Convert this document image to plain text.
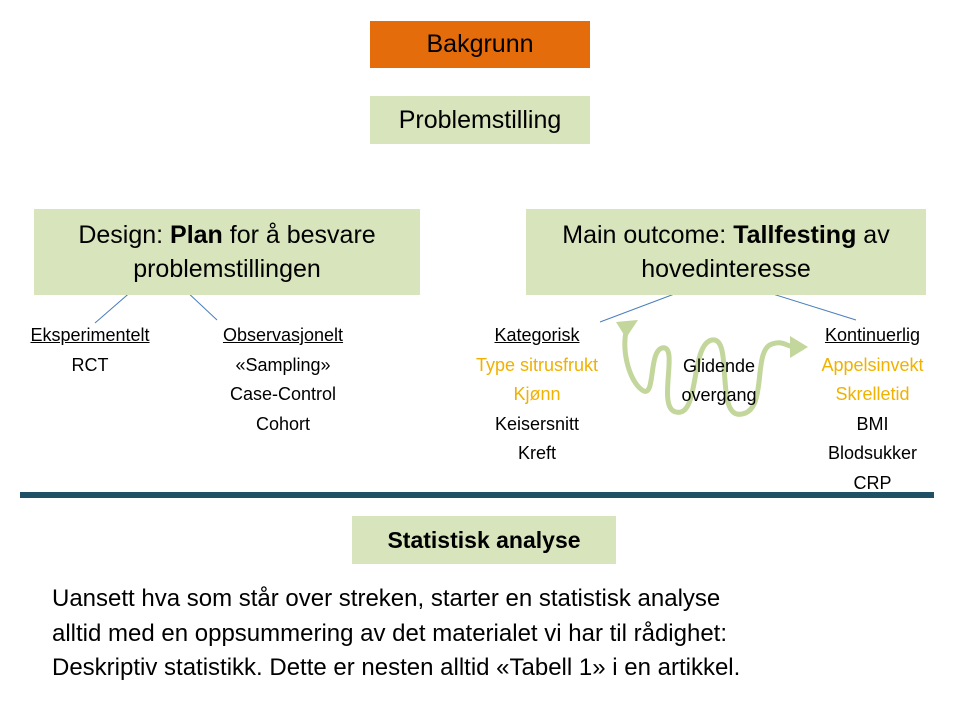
Bakgrunn
Problemstilling
Design: Plan for å besvare
problemstillingen
Main outcome: Tallfesting av
hovedinteresse
Eksperimentelt
RCT
Observasjonelt
«Sampling»
Case-Control
Cohort
Kategorisk
Type sitrusfrukt
Kjønn
Keisersnitt
Kreft
Kontinuerlig
Appelsinvekt
Skrelletid
BMI
Blodsukker
CRP
Glidende
overgang
Statistisk analyse
Uansett hva som står over streken, starter en statistisk analyse
alltid med en oppsummering av det materialet vi har til rådighet:
Deskriptiv statistikk. Dette er nesten alltid «Tabell 1» i en artikkel.
